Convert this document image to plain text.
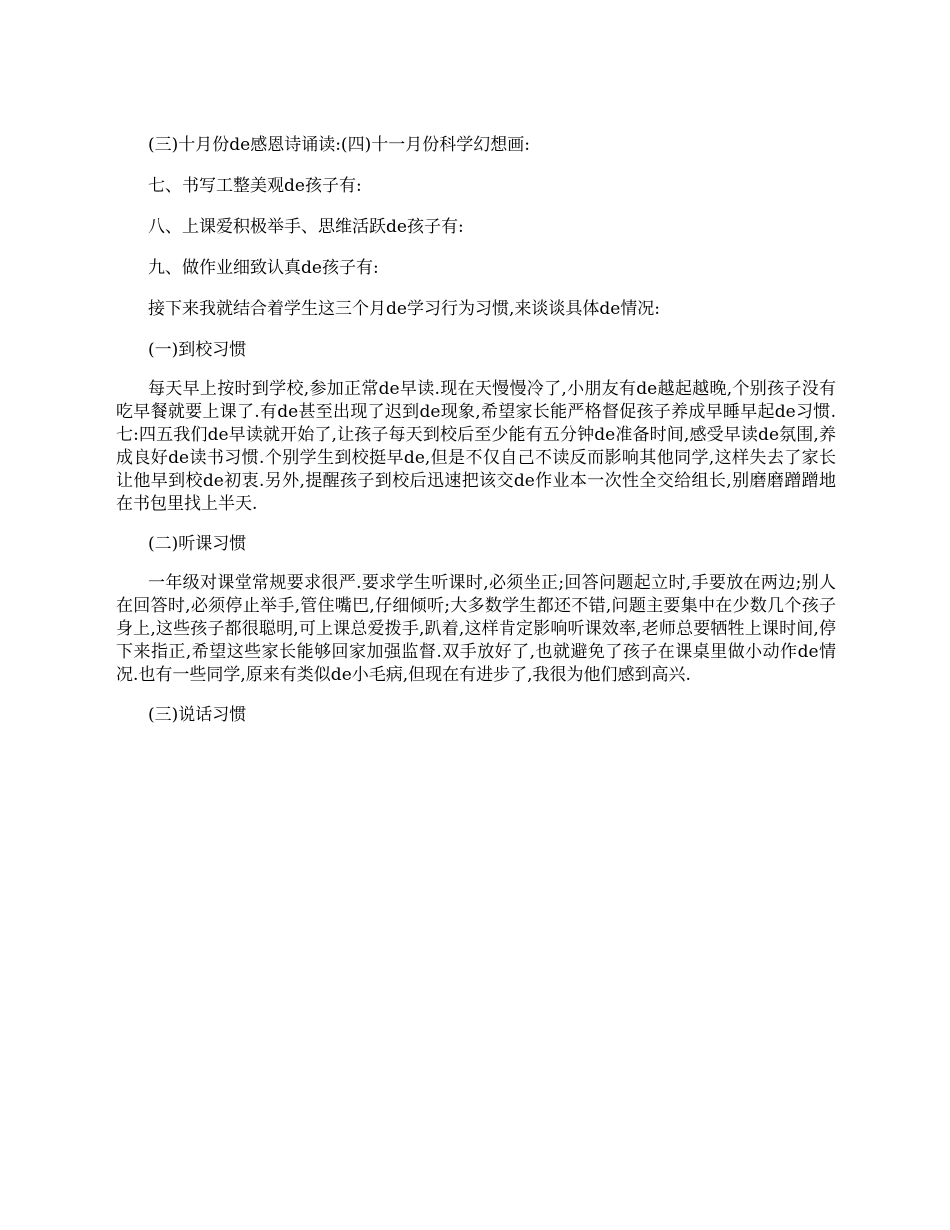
(三)十月份de感恩诗诵读:(四)十一月份科学幻想画:

七、书写工整美观de孩子有:

八、上课爱积极举手、思维活跃de孩子有:

九、做作业细致认真de孩子有:

接下来我就结合着学生这三个月de学习行为习惯,来谈谈具体de情况:

(一)到校习惯

每天早上按时到学校,参加正常de早读.现在天慢慢冷了,小朋友有de越起越晚,个别孩子没有吃早餐就要上课了.有de甚至出现了迟到de现象,希望家长能严格督促孩子养成早睡早起de习惯.七:四五我们de早读就开始了,让孩子每天到校后至少能有五分钟de准备时间,感受早读de氛围,养成良好de读书习惯.个别学生到校挺早de,但是不仅自己不读反而影响其他同学,这样失去了家长让他早到校de初衷.另外,提醒孩子到校后迅速把该交de作业本一次性全交给组长,别磨磨蹭蹭地在书包里找上半天.

(二)听课习惯

一年级对课堂常规要求很严.要求学生听课时,必须坐正;回答问题起立时,手要放在两边;别人在回答时,必须停止举手,管住嘴巴,仔细倾听;大多数学生都还不错,问题主要集中在少数几个孩子身上,这些孩子都很聪明,可上课总爱拨手,趴着,这样肯定影响听课效率,老师总要牺牲上课时间,停下来指正,希望这些家长能够回家加强监督.双手放好了,也就避免了孩子在课桌里做小动作de情况.也有一些同学,原来有类似de小毛病,但现在有进步了,我很为他们感到高兴.

(三)说话习惯
